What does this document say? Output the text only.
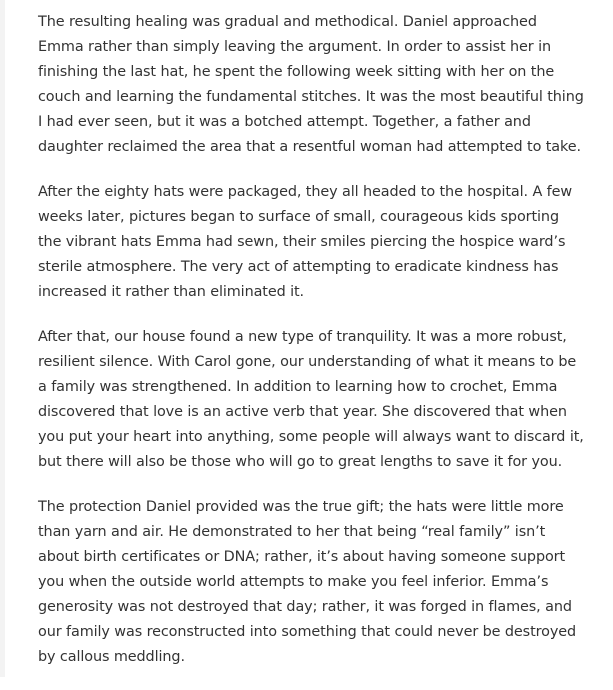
The resulting healing was gradual and methodical. Daniel approached Emma rather than simply leaving the argument. In order to assist her in finishing the last hat, he spent the following week sitting with her on the couch and learning the fundamental stitches. It was the most beautiful thing I had ever seen, but it was a botched attempt. Together, a father and daughter reclaimed the area that a resentful woman had attempted to take.

After the eighty hats were packaged, they all headed to the hospital. A few weeks later, pictures began to surface of small, courageous kids sporting the vibrant hats Emma had sewn, their smiles piercing the hospice ward’s sterile atmosphere. The very act of attempting to eradicate kindness has increased it rather than eliminated it.

After that, our house found a new type of tranquility. It was a more robust, resilient silence. With Carol gone, our understanding of what it means to be a family was strengthened. In addition to learning how to crochet, Emma discovered that love is an active verb that year. She discovered that when you put your heart into anything, some people will always want to discard it, but there will also be those who will go to great lengths to save it for you.

The protection Daniel provided was the true gift; the hats were little more than yarn and air. He demonstrated to her that being “real family” isn’t about birth certificates or DNA; rather, it’s about having someone support you when the outside world attempts to make you feel inferior. Emma’s generosity was not destroyed that day; rather, it was forged in flames, and our family was reconstructed into something that could never be destroyed by callous meddling.
